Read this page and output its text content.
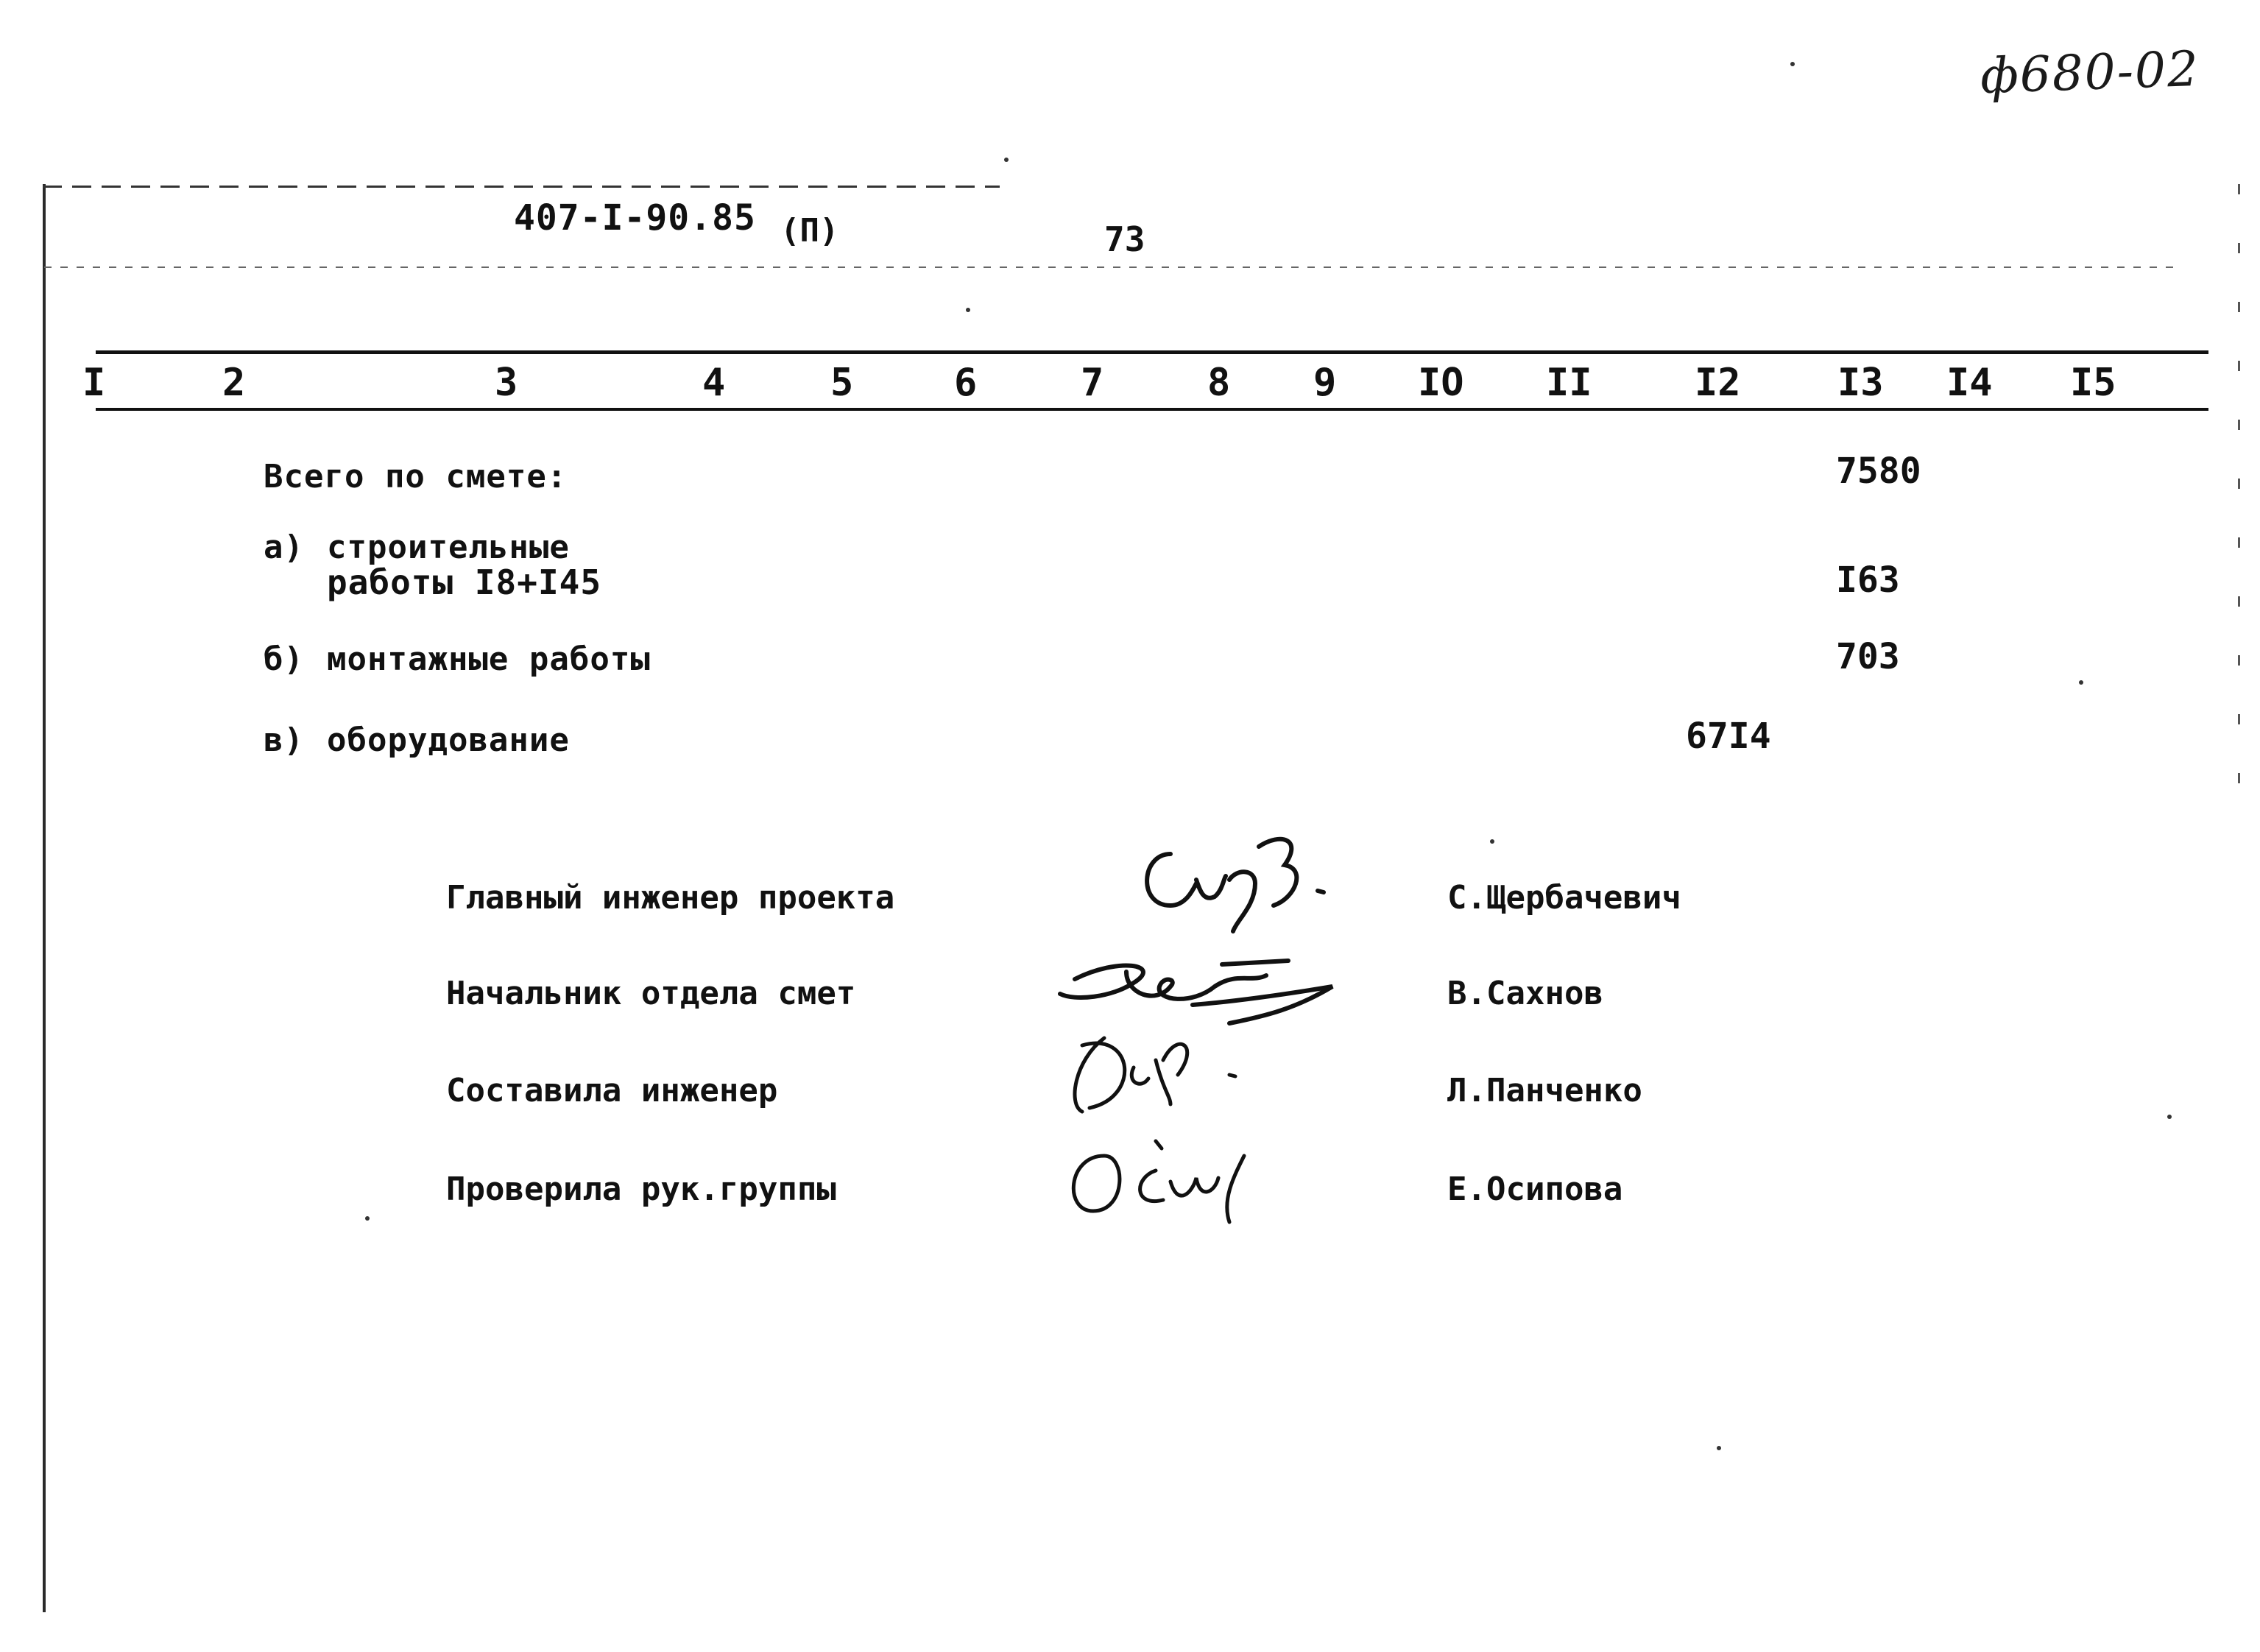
ф680-02
407-I-90.85 (П)	73
I	2	3	4	5	6	7	8 9 IO II	I2	I3 I4 I5
Всего по смете:	7580
а) строительные
работы I8+I45	I63
б) монтажные работы	703
в) оборудование	67I4
Главный инженер проекта	С.Щербачевич
Начальник отдела смет	В.Сахнов
Составила инженер	Л.Панченко
Проверила рук.группы	Е.Осипова
